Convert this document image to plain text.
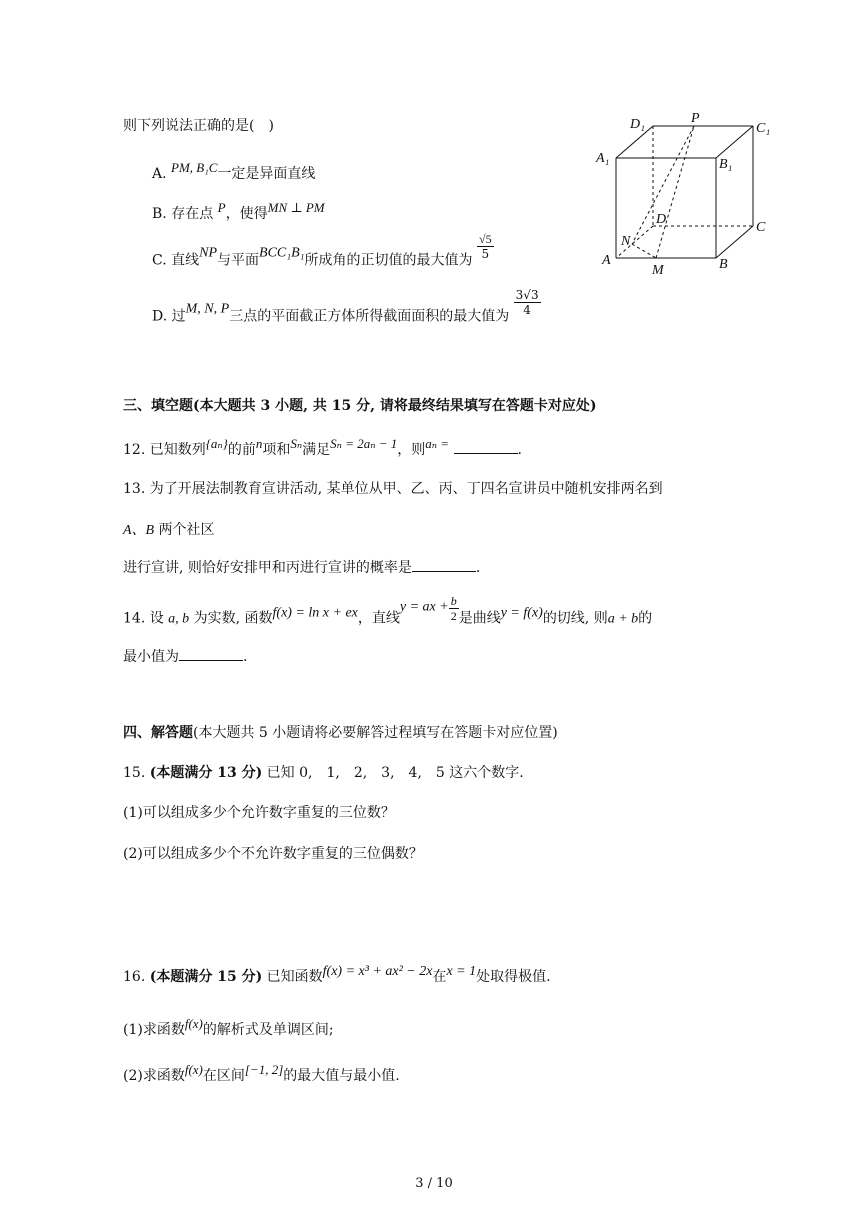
则下列说法正确的是(　)
A. PM, B₁C一定是异面直线
B. 存在点 P，使得MN ⊥ PM
C. 直线NP与平面BCC₁B₁所成角的正切值的最大值为 $\frac{√5}{5}$
D. 过M, N, P三点的平面截正方体所得截面面积的最大值为 $\frac{3√3}{4}$
D₁	P
C₁
A₁	B₁
D
C
N
A
M	B
三、填空题(本大题共 3 小题, 共 15 分, 请将最终结果填写在答题卡对应处)
12. 已知数列{aₙ}的前n项和Sₙ满足Sₙ = 2aₙ − 1，则aₙ =	.
13. 为了开展法制教育宣讲活动, 某单位从甲、乙、丙、丁四名宣讲员中随机安排两名到
A、B 两个社区
进行宣讲, 则恰好安排甲和丙进行宣讲的概率是	.
14. 设 a, b 为实数, 函数f(x) = ln x + ex，直线y = ax + $\frac{b}{2}$ 是曲线y = f(x)的切线, 则a + b的
最小值为	.
四、解答题(本大题共 5 小题请将必要解答过程填写在答题卡对应位置)
15. (本题满分 13 分) 已知 0,　1,　2,　3,　4,　5 这六个数字.
(1)可以组成多少个允许数字重复的三位数？
(2)可以组成多少个不允许数字重复的三位偶数？
16. (本题满分 15 分) 已知函数f(x) = x³ + ax² − 2x在x = 1处取得极值.
(1)求函数f(x)的解析式及单调区间;
(2)求函数f(x)在区间[−1, 2]的最大值与最小值.
3 / 10
